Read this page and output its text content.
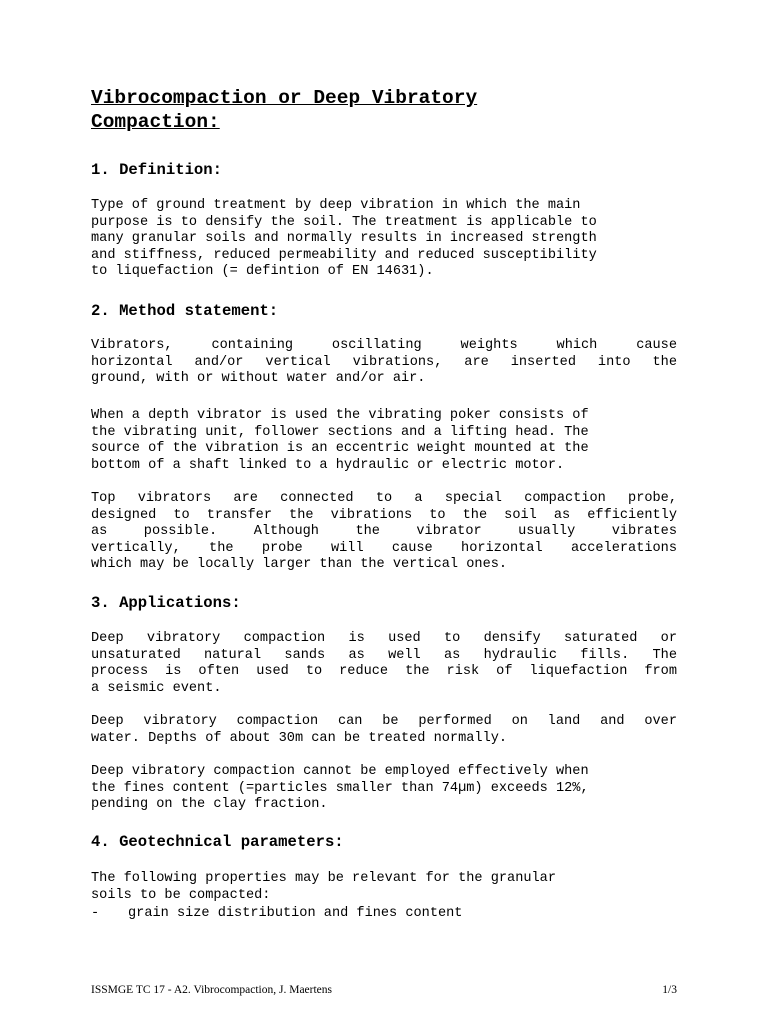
Vibrocompaction or Deep Vibratory
Compaction:
1. Definition:

Type of ground treatment by deep vibration in which the main
purpose is to densify the soil. The treatment is applicable to
many granular soils and normally results in increased strength
and stiffness, reduced permeability and reduced susceptibility
to liquefaction (= defintion of EN 14631).

2. Method statement:

Vibrators, containing oscillating weights which cause
horizontal and/or vertical vibrations, are inserted into the
ground, with or without water and/or air.

When a depth vibrator is used the vibrating poker consists of
the vibrating unit, follower sections and a lifting head. The
source of the vibration is an eccentric weight mounted at the
bottom of a shaft linked to a hydraulic or electric motor.

Top vibrators are connected to a special compaction probe,
designed to transfer the vibrations to the soil as efficiently
as possible. Although the vibrator usually vibrates
vertically, the probe will cause horizontal accelerations
which may be locally larger than the vertical ones.

3. Applications:

Deep vibratory compaction is used to densify saturated or
unsaturated natural sands as well as hydraulic fills. The
process is often used to reduce the risk of liquefaction from
a seismic event.

Deep vibratory compaction can be performed on land and over
water. Depths of about 30m can be treated normally.

Deep vibratory compaction cannot be employed effectively when
the fines content (=particles smaller than 74µm) exceeds 12%,
pending on the clay fraction.

4. Geotechnical parameters:

The following properties may be relevant for the granular
soils to be compacted:

- grain size distribution and fines content

ISSMGE TC 17 - A2. Vibrocompaction, J. Maertens	1/3
